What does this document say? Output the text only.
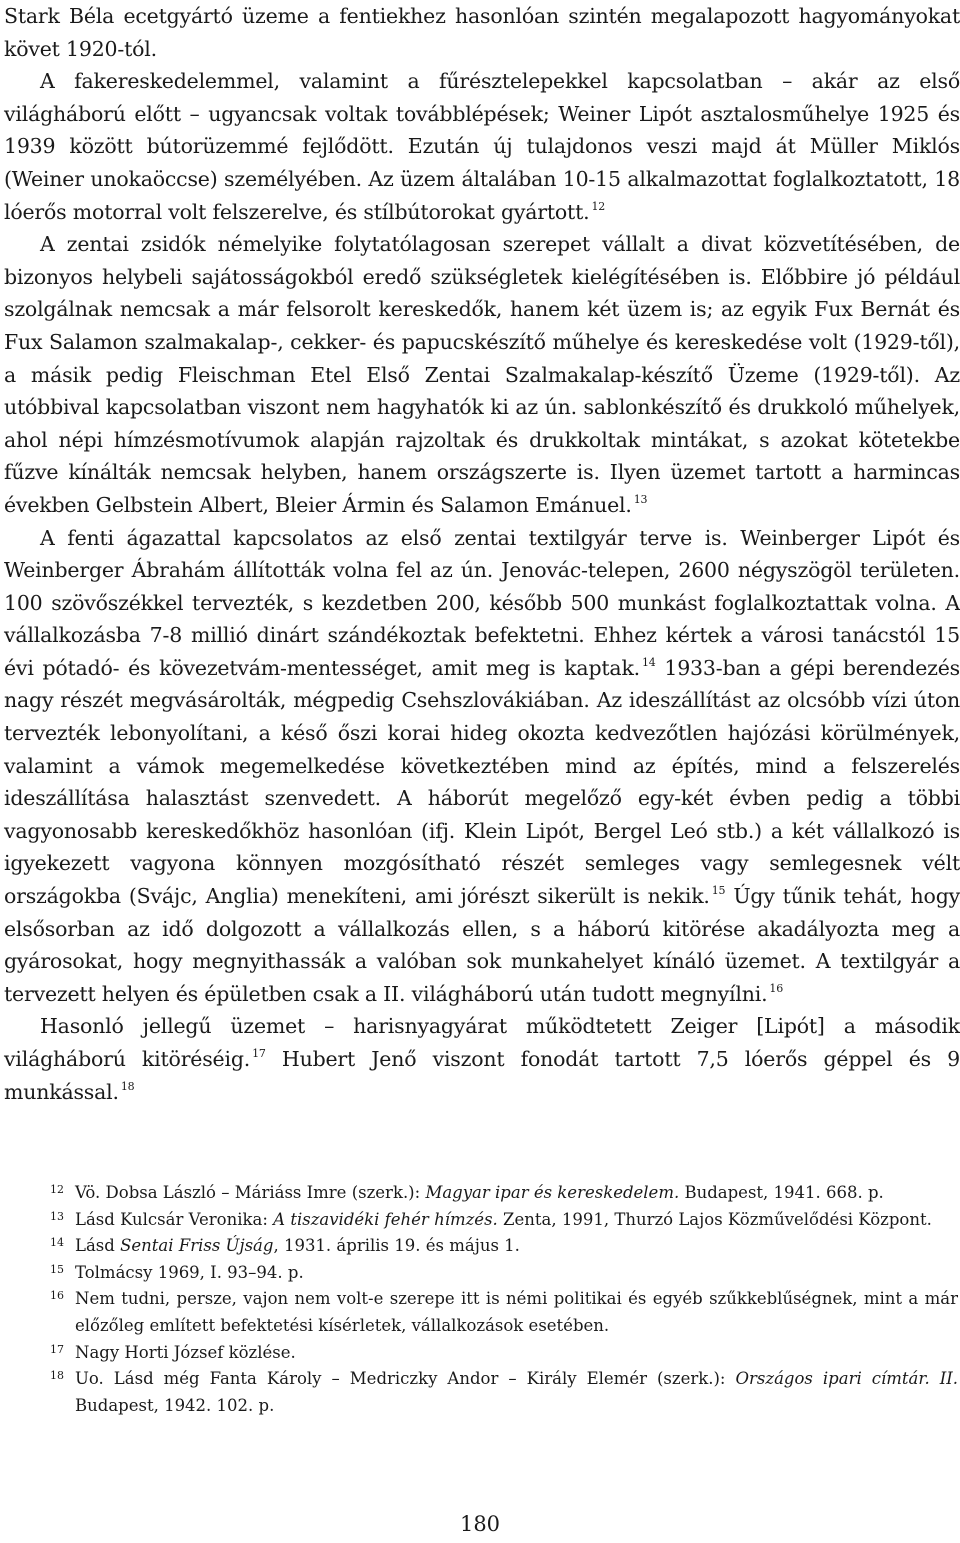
Stark Béla ecetgyártó üzeme a fentiekhez hasonlóan szintén megalapozott hagyományokat követ 1920-tól.

A fakereskedelemmel, valamint a fűrésztelepekkel kapcsolatban – akár az első világháború előtt – ugyancsak voltak továbblépések; Weiner Lipót asztalosműhelye 1925 és 1939 között bútorüzemmé fejlődött. Ezután új tulajdonos veszi majd át Müller Miklós (Weiner unokaöccse) személyében. Az üzem általában 10-15 alkalmazottat foglalkoztatott, 18 lóerős motorral volt felszerelve, és stílbútorokat gyártott. $^{12}$

A zentai zsidók némelyike folytatólagosan szerepet vállalt a divat közvetítésében, de bizonyos helybeli sajátosságokból eredő szükségletek kielégítésében is. Előbbire jó például szolgálnak nemcsak a már felsorolt kereskedők, hanem két üzem is; az egyik Fux Bernát és Fux Salamon szalmakalap-, cekker- és papucskészítő műhelye és kereskedése volt (1929-től), a másik pedig Fleischman Etel Első Zentai Szalmakalap-készítő Üzeme (1929-től). Az utóbbival kapcsolatban viszont nem hagyhatók ki az ún. sablonkészítő és drukkoló műhelyek, ahol népi hímzésmotívumok alapján rajzoltak és drukkoltak mintákat, s azokat kötetekbe fűzve kínálták nemcsak helyben, hanem országszerte is. Ilyen üzemet tartott a harmincas években Gelbstein Albert, Bleier Ármin és Salamon Emánuel. $^{13}$

A fenti ágazattal kapcsolatos az első zentai textilgyár terve is. Weinberger Lipót és Weinberger Ábrahám állították volna fel az ún. Jenovác-telepen, 2600 négyszögöl területen. 100 szövőszékkel tervezték, s kezdetben 200, később 500 munkást foglalkoztattak volna. A vállalkozásba 7-8 millió dinárt szándékoztak befektetni. Ehhez kértek a városi tanácstól 15 évi pótadó- és kövezetvám-mentességet, amit meg is kaptak. $^{14}$ 1933-ban a gépi berendezés nagy részét megvásárolták, mégpedig Csehszlovákiában. Az ideszállítást az olcsóbb vízi úton tervezték lebonyolítani, a késő őszi korai hideg okozta kedvezőtlen hajózási körülmények, valamint a vámok megemelkedése következtében mind az építés, mind a felszerelés ideszállítása halasztást szenvedett. A háborút megelőző egy-két évben pedig a többi vagyonosabb kereskedőkhöz hasonlóan (ifj. Klein Lipót, Bergel Leó stb.) a két vállalkozó is igyekezett vagyona könnyen mozgósítható részét semleges vagy semlegesnek vélt országokba (Svájc, Anglia) menekíteni, ami jórészt sikerült is nekik. $^{15}$ Úgy tűnik tehát, hogy elsősorban az idő dolgozott a vállalkozás ellen, s a háború kitörése akadályozta meg a gyárosokat, hogy megnyithassák a valóban sok munkahelyet kínáló üzemet. A textilgyár a tervezett helyen és épületben csak a II. világháború után tudott megnyílni. $^{16}$

Hasonló jellegű üzemet – harisnyagyárat működtetett Zeiger [Lipót] a második világháború kitöréséig. $^{17}$ Hubert Jenő viszont fonodát tartott 7,5 lóerős géppel és 9 munkással. $^{18}$

12 Vö. Dobsa László – Máriáss Imre (szerk.): Magyar ipar és kereskedelem. Budapest, 1941. 668. p.
13 Lásd Kulcsár Veronika: A tiszavidéki fehér hímzés. Zenta, 1991, Thurzó Lajos Közművelődési Központ.
14 Lásd Sentai Friss Újság, 1931. április 19. és május 1.
15 Tolmácsy 1969, I. 93–94. p.
16 Nem tudni, persze, vajon nem volt-e szerepe itt is némi politikai és egyéb szűkkeblűségnek, mint a már előzőleg említett befektetési kísérletek, vállalkozások esetében.
17 Nagy Horti József közlése.
18 Uo. Lásd még Fanta Károly – Medriczky Andor – Király Elemér (szerk.): Országos ipari címtár. II. Budapest, 1942. 102. p.
180
